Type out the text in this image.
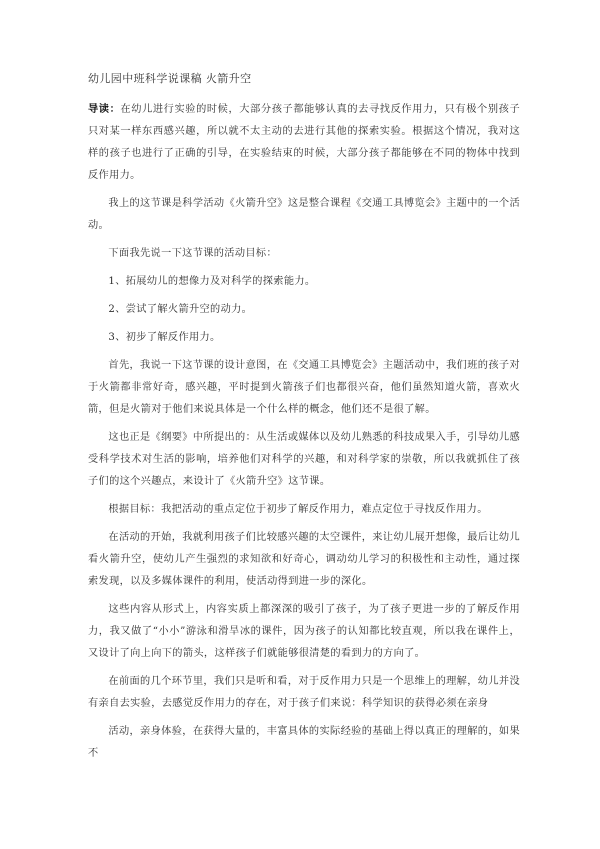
幼儿园中班科学说课稿 火箭升空

导读：在幼儿进行实验的时候，大部分孩子都能够认真的去寻找反作用力，只有极个别孩子只对某一样东西感兴趣，所以就不太主动的去进行其他的探索实验。根据这个情况，我对这样的孩子也进行了正确的引导，在实验结束的时候，大部分孩子都能够在不同的物体中找到反作用力。

我上的这节课是科学活动《火箭升空》这是整合课程《交通工具博览会》主题中的一个活动。

下面我先说一下这节课的活动目标：

1、拓展幼儿的想像力及对科学的探索能力。
2、尝试了解火箭升空的动力。
3、初步了解反作用力。

首先，我说一下这节课的设计意图，在《交通工具博览会》主题活动中，我们班的孩子对于火箭都非常好奇，感兴趣，平时提到火箭孩子们也都很兴奋，他们虽然知道火箭，喜欢火箭，但是火箭对于他们来说具体是一个什么样的概念，他们还不是很了解。

这也正是《纲要》中所提出的：从生活或媒体以及幼儿熟悉的科技成果入手，引导幼儿感受科学技术对生活的影响，培养他们对科学的兴趣，和对科学家的崇敬，所以我就抓住了孩子们的这个兴趣点，来设计了《火箭升空》这节课。

根据目标：我把活动的重点定位于初步了解反作用力，难点定位于寻找反作用力。

在活动的开始，我就利用孩子们比较感兴趣的太空课件，来让幼儿展开想像，最后让幼儿看火箭升空，使幼儿产生强烈的求知欲和好奇心，调动幼儿学习的积极性和主动性，通过探索发现，以及多媒体课件的利用，使活动得到进一步的深化。

这些内容从形式上，内容实质上都深深的吸引了孩子，为了孩子更进一步的了解反作用力，我又做了“小小”游泳和滑旱冰的课件，因为孩子的认知都比较直观，所以我在课件上，又设计了向上向下的箭头，这样孩子们就能够很清楚的看到力的方向了。

在前面的几个环节里，我们只是听和看，对于反作用力只是一个思维上的理解，幼儿并没有亲自去实验，去感觉反作用力的存在，对于孩子们来说：科学知识的获得必须在亲身

活动，亲身体验，在获得大量的，丰富具体的实际经验的基础上得以真正的理解的，如果不
